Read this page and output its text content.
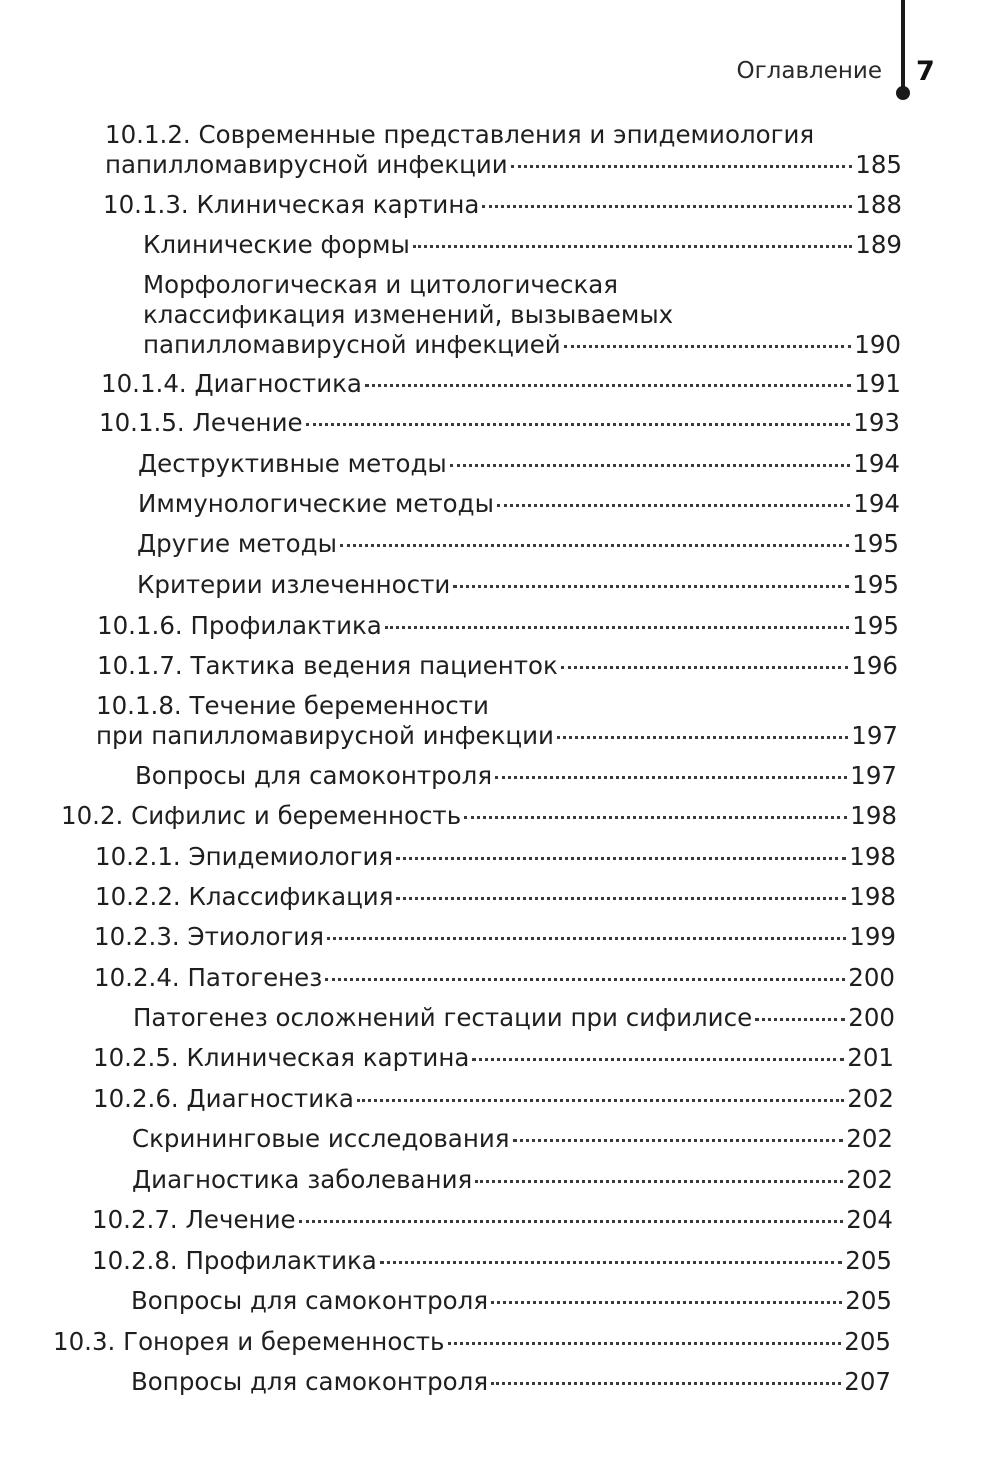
Оглавление 7
10.1.2. Современные представления и эпидемиология
папилломавирусной инфекции	185
10.1.3. Клиническая картина	188
Клинические формы	189
Морфологическая и цитологическая
классификация изменений, вызываемых
папилломавирусной инфекцией	190
10.1.4. Диагностика	191
10.1.5. Лечение	193
Деструктивные методы	194
Иммунологические методы	194
Другие методы	195
Критерии излеченности	195
10.1.6. Профилактика	195
10.1.7. Тактика ведения пациенток	196
10.1.8. Течение беременности
при папилломавирусной инфекции	197
Вопросы для самоконтроля	197
10.2. Сифилис и беременность	198
10.2.1. Эпидемиология	198
10.2.2. Классификация	198
10.2.3. Этиология	199
10.2.4. Патогенез	200
Патогенез осложнений гестации при сифилисе	200
10.2.5. Клиническая картина	201
10.2.6. Диагностика	202
Скрининговые исследования	202
Диагностика заболевания	202
10.2.7. Лечение	204
10.2.8. Профилактика	205
Вопросы для самоконтроля	205
10.3. Гонорея и беременность	205
Вопросы для самоконтроля	207
